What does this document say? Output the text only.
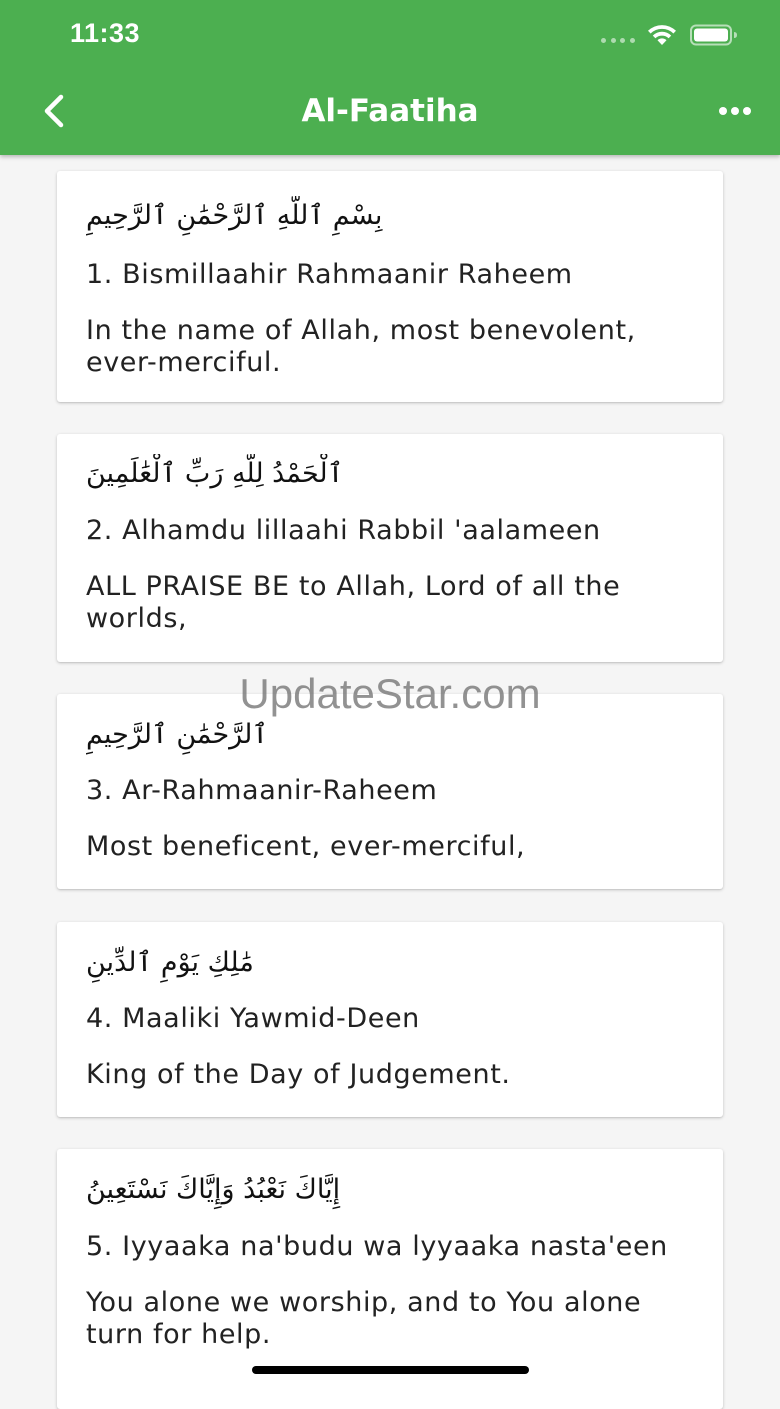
11:33
Al-Faatiha
بِسْمِ ٱللَّهِ ٱلرَّحْمَٰنِ ٱلرَّحِيمِ
1. Bismillaahir Rahmaanir Raheem
In the name of Allah, most benevolent, ever-merciful.
ٱلْحَمْدُ لِلَّهِ رَبِّ ٱلْعَٰلَمِينَ
2. Alhamdu lillaahi Rabbil 'aalameen
ALL PRAISE BE to Allah, Lord of all the worlds,
ٱلرَّحْمَٰنِ ٱلرَّحِيمِ
3. Ar-Rahmaanir-Raheem
Most beneficent, ever-merciful,
مَٰلِكِ يَوْمِ ٱلدِّينِ
4. Maaliki Yawmid-Deen
King of the Day of Judgement.
إِيَّاكَ نَعْبُدُ وَإِيَّاكَ نَسْتَعِينُ
5. Iyyaaka na'budu wa lyyaaka nasta'een
You alone we worship, and to You alone turn for help.
UpdateStar.com
